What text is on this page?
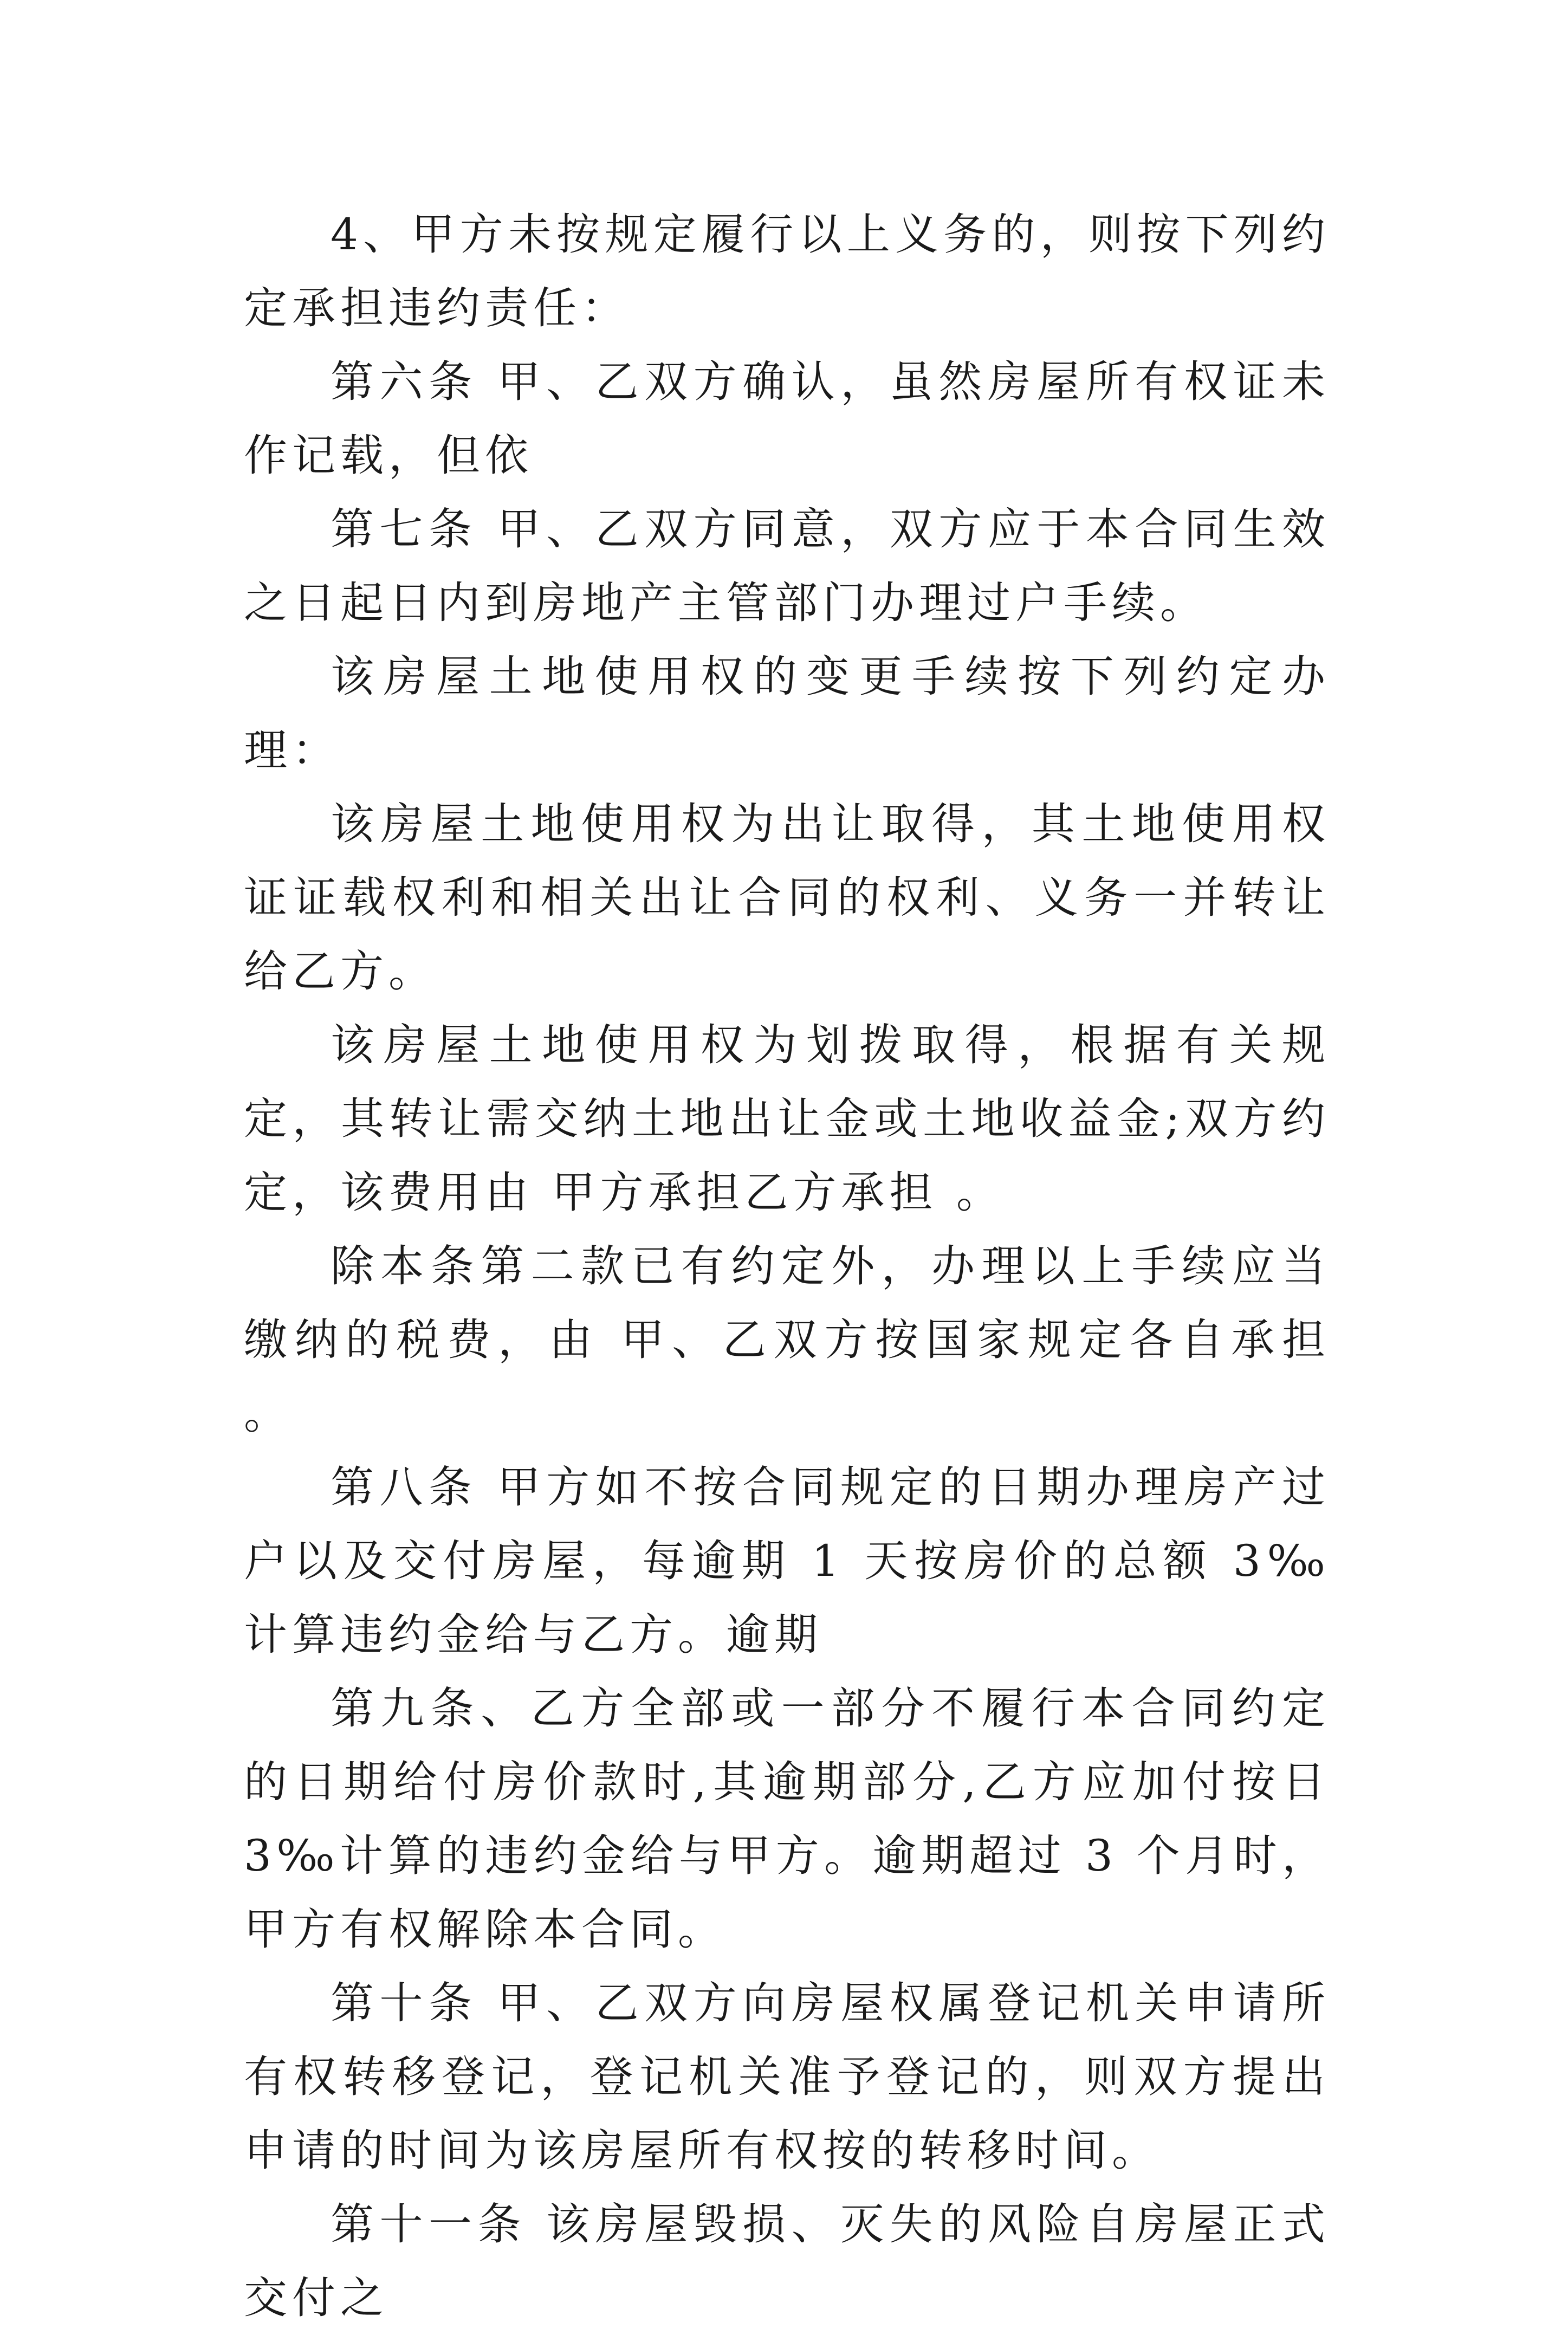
4、甲方未按规定履行以上义务的，则按下列约定承担违约责任：

第六条 甲、乙双方确认，虽然房屋所有权证未作记载，但依

第七条 甲、乙双方同意，双方应于本合同生效之日起日内到房地产主管部门办理过户手续。

该房屋土地使用权的变更手续按下列约定办理：

该房屋土地使用权为出让取得，其土地使用权证证载权利和相关出让合同的权利、义务一并转让给乙方。

该房屋土地使用权为划拨取得，根据有关规定，其转让需交纳土地出让金或土地收益金;双方约定，该费用由 甲方承担乙方承担 。

除本条第二款已有约定外，办理以上手续应当缴纳的税费，由 甲、乙双方按国家规定各自承担 。

第八条 甲方如不按合同规定的日期办理房产过户以及交付房屋，每逾期 1 天按房价的总额 3‰计算违约金给与乙方。逾期

第九条、乙方全部或一部分不履行本合同约定的日期给付房价款时,其逾期部分,乙方应加付按日 3‰计算的违约金给与甲方。逾期超过 3 个月时，甲方有权解除本合同。

第十条 甲、乙双方向房屋权属登记机关申请所有权转移登记，登记机关准予登记的，则双方提出申请的时间为该房屋所有权按的转移时间。

第十一条 该房屋毁损、灭失的风险自房屋正式交付之
